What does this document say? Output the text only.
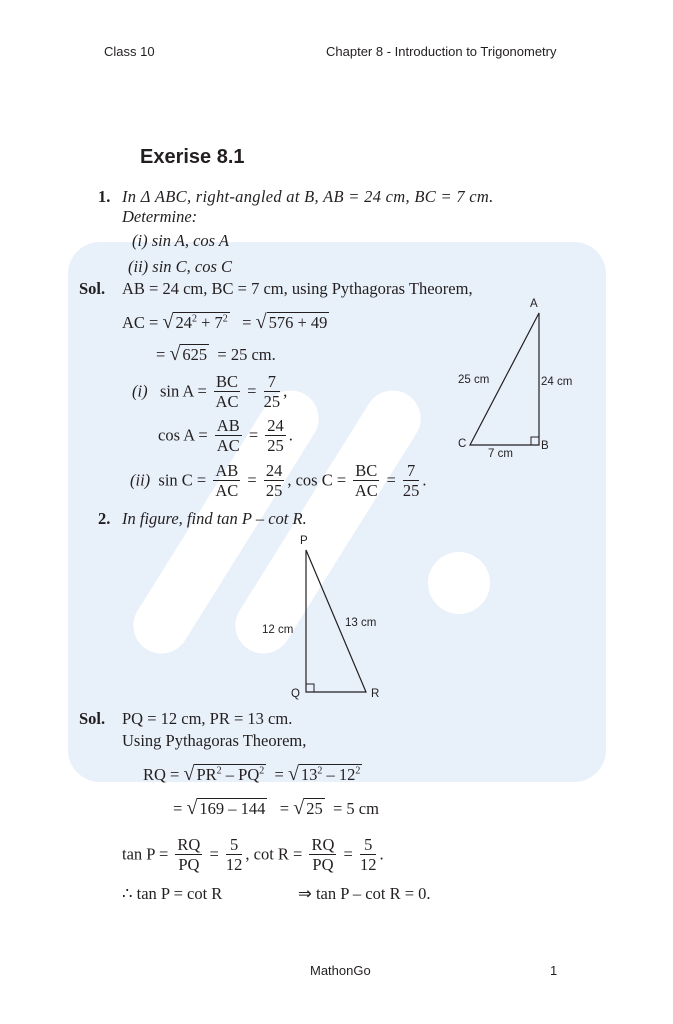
Class 10	Chapter 8 - Introduction to Trigonometry
Exerise 8.1
1. In Δ ABC, right-angled at B, AB = 24 cm, BC = 7 cm.
Determine:
(i) sin A, cos A
(ii) sin C, cos C
Sol. AB = 24 cm, BC = 7 cm, using Pythagoras Theorem,
AC = √ $24^2 + 7^2$ = √ 576 + 49
= √ 625 = 25 cm.
(i) $\sin A = \frac{BC}{AC} = \frac{7}{25}$ ,
$\cos A = \frac{AB}{AC} = \frac{24}{25}$ .
(ii) $\sin C = \frac{AB}{AC} = \frac{24}{25}$ , $\cos C = \frac{BC}{AC} = \frac{7}{25}$ .
A
C	B
25 cm	24 cm
7 cm
2. In figure, find tan P – cot R.
P
Q	R
12 cm
13 cm
Sol. PQ = 12 cm, PR = 13 cm.
Using Pythagoras Theorem,
RQ = √ $PR^2 - PQ^2$ = √ $13^2 - 12^2$
= √ 169 – 144 = √ 25 = 5 cm
$\tan P = \frac{RQ}{PQ} = \frac{5}{12}$ , $\cot R = \frac{RQ}{PQ} = \frac{5}{12}$ .
∴ tan P = cot R	⇒ tan P – cot R = 0.
MathonGo	1
